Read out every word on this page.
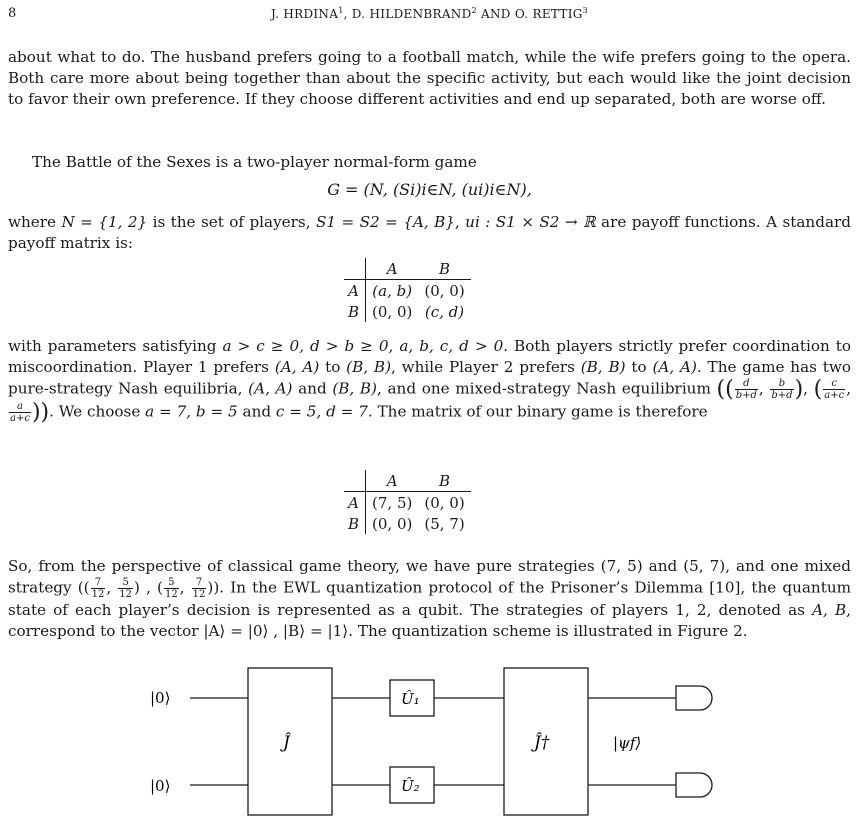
8	J. HRDINA$^1$, D. HILDENBRAND$^2$ AND O. RETTIG$^3$

about what to do. The husband prefers going to a football match, while the wife prefers going to the opera. Both care more about being together than about the specific activity, but each would like the joint decision to favor their own preference. If they choose different activities and end up separated, both are worse off.

The Battle of the Sexes is a two-player normal-form game

G = (N, (Si)i∈N, (ui)i∈N),

where N = {1, 2} is the set of players, S1 = S2 = {A, B}, ui : S1 × S2 → ℝ are payoff functions. A standard payoff matrix is:

	A	B
A	(a, b)	(0, 0)
B	(0, 0)	(c, d)

with parameters satisfying a > c ≥ 0, d > b ≥ 0, a, b, c, d > 0. Both players strictly prefer coordination to miscoordination. Player 1 prefers (A, A) to (B, B), while Player 2 prefers (B, B) to (A, A). The game has two pure-strategy Nash equilibria, (A, A) and (B, B), and one mixed-strategy Nash equilibrium (( $\frac{d}{b+d}$ , $\frac{b}{b+d}$ ), ( $\frac{c}{a+c}$ ,
$\frac{a}{a+c}$ )). We choose a = 7, b = 5 and c = 5, d = 7. The matrix of our binary game is therefore

	A	B
A	(7, 5)	(0, 0)
B	(0, 0)	(5, 7)

So, from the perspective of classical game theory, we have pure strategies (7, 5) and (5, 7), and one mixed strategy (( $\frac{7}{12}$ , $\frac{5}{12}$ ) , ( $\frac{5}{12}$ , $\frac{7}{12}$ )). In the EWL quantization protocol of the Prisoner’s Dilemma [10], the quantum state of each player’s decision is represented as a qubit. The strategies of players 1, 2, denoted as A, B, correspond to the vector |A⟩ = |0⟩ , |B⟩ = |1⟩. The quantization scheme is illustrated in Figure 2.

|0⟩
|0⟩
Ĵ
Û₁
Û₂
Ĵ†	|ψf⟩
